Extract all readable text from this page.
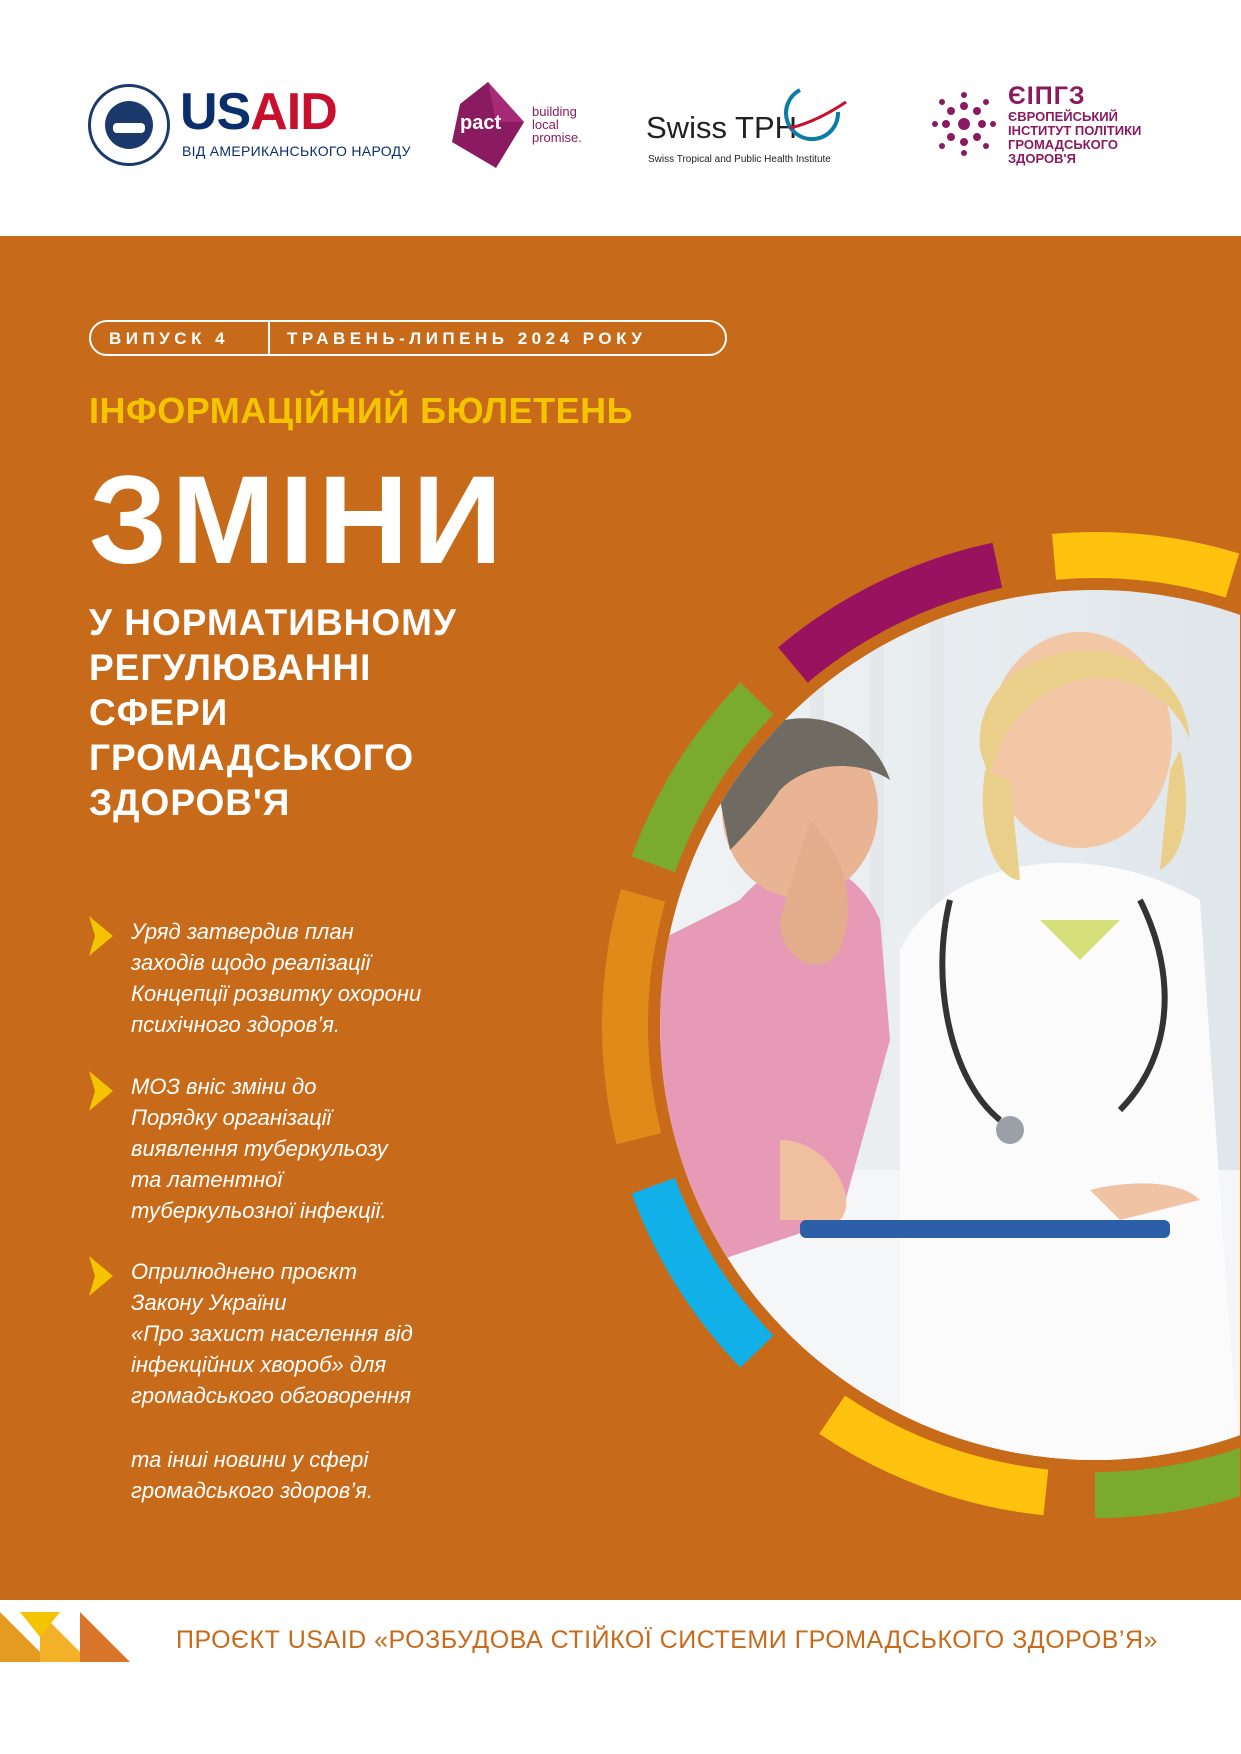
USAID
ВІД АМЕРИКАНСЬКОГО НАРОДУ
pact
building
local
promise. Swiss TPH
Swiss Tropical and Public Health Institute
ЄІПГЗ
ЄВРОПЕЙСЬКИЙ
ІНСТИТУТ ПОЛІТИКИ
ГРОМАДСЬКОГО
ЗДОРОВ'Я
ВИПУСК 4	ТРАВЕНЬ-ЛИПЕНЬ 2024 РОКУ
ІНФОРМАЦІЙНИЙ БЮЛЕТЕНЬ
ЗМІНИ
У НОРМАТИВНОМУ
РЕГУЛЮВАННІ
СФЕРИ
ГРОМАДСЬКОГО
ЗДОРОВ'Я
Уряд затвердив план
заходів щодо реалізації
Концепції розвитку охорони
психічного здоров’я.
МОЗ вніс зміни до
Порядку організації
виявлення туберкульозу
та латентної
туберкульозної інфекції.
Оприлюднено проєкт
Закону України
«Про захист населення від
інфекційних хвороб» для
громадського обговорення
та інші новини у сфері
громадського здоров’я.
ПРОЄКТ USAID «РОЗБУДОВА СТІЙКОЇ СИСТЕМИ ГРОМАДСЬКОГО ЗДОРОВ’Я»
